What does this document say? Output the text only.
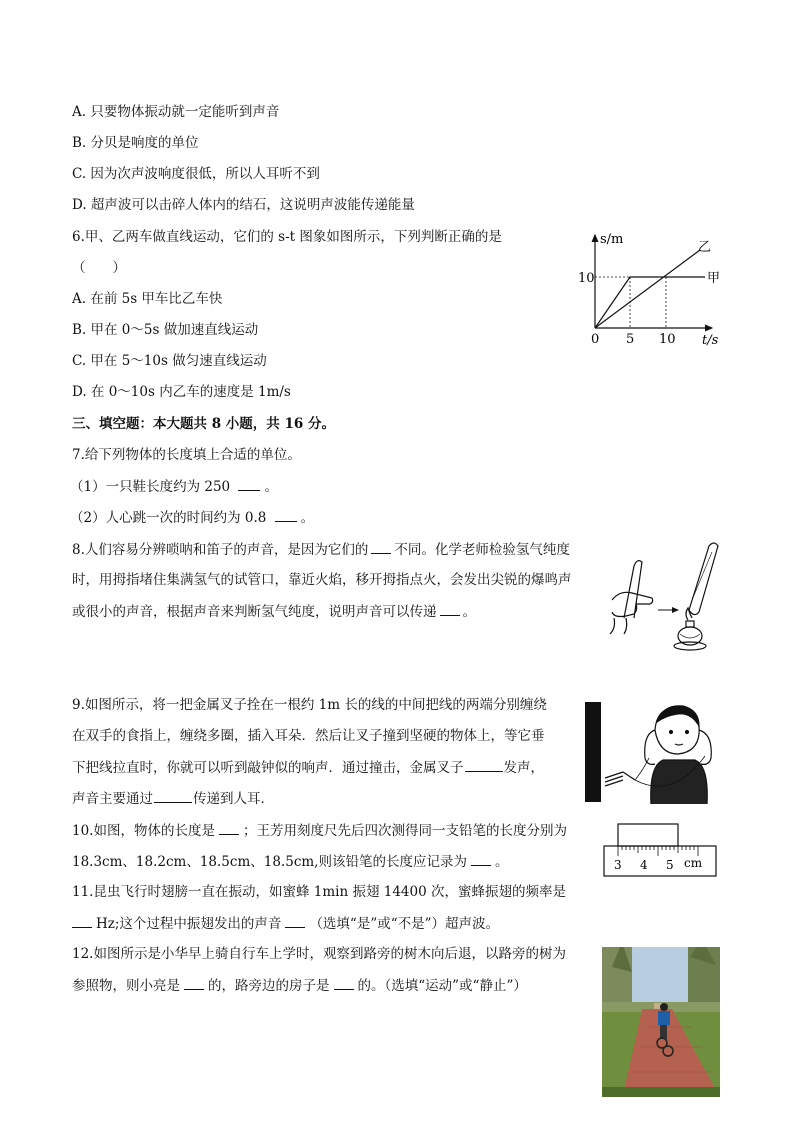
A. 只要物体振动就一定能听到声音
B. 分贝是响度的单位
C. 因为次声波响度很低，所以人耳听不到
D. 超声波可以击碎人体内的结石，这说明声波能传递能量
6.甲、乙两车做直线运动，它们的 s-t 图象如图所示，下列判断正确的是
（　　）
A. 在前 5s 甲车比乙车快
B. 甲在 0～5s 做加速直线运动
C. 甲在 5～10s 做匀速直线运动
D. 在 0～10s 内乙车的速度是 1m/s
s/m
t/s
0 5 10
10	甲
乙
三、填空题：本大题共 8 小题，共 16 分。
7.给下列物体的长度填上合适的单位。
（1）一只鞋长度约为 250	。
（2）人心跳一次的时间约为 0.8	。
8.人们容易分辨唢呐和笛子的声音，是因为它们的 不同。化学老师检验氢气纯度
时，用拇指堵住集满氢气的试管口，靠近火焰，移开拇指点火，会发出尖锐的爆鸣声
或很小的声音，根据声音来判断氢气纯度，说明声音可以传递 。
9.如图所示，将一把金属叉子拴在一根约 1m 长的线的中间把线的两端分别缠绕
在双手的食指上，缠绕多圈，插入耳朵．然后让叉子撞到坚硬的物体上，等它垂
下把线拉直时，你就可以听到敲钟似的响声．通过撞击，金属叉子	发声，
声音主要通过	传递到人耳．
10.如图，物体的长度是 ；王芳用刻度尺先后四次测得同一支铅笔的长度分别为
18.3cm、18.2cm、18.5cm、18.5cm,则该铅笔的长度应记录为 。	3 4 5 cm
11.昆虫飞行时翅膀一直在振动，如蜜蜂 1min 振翅 14400 次，蜜蜂振翅的频率是
Hz;这个过程中振翅发出的声音 （选填“是”或“不是”）超声波。
12.如图所示是小华早上骑自行车上学时，观察到路旁的树木向后退，以路旁的树为
参照物，则小亮是 的，路旁边的房子是 的。（选填“运动”或“静止”）
